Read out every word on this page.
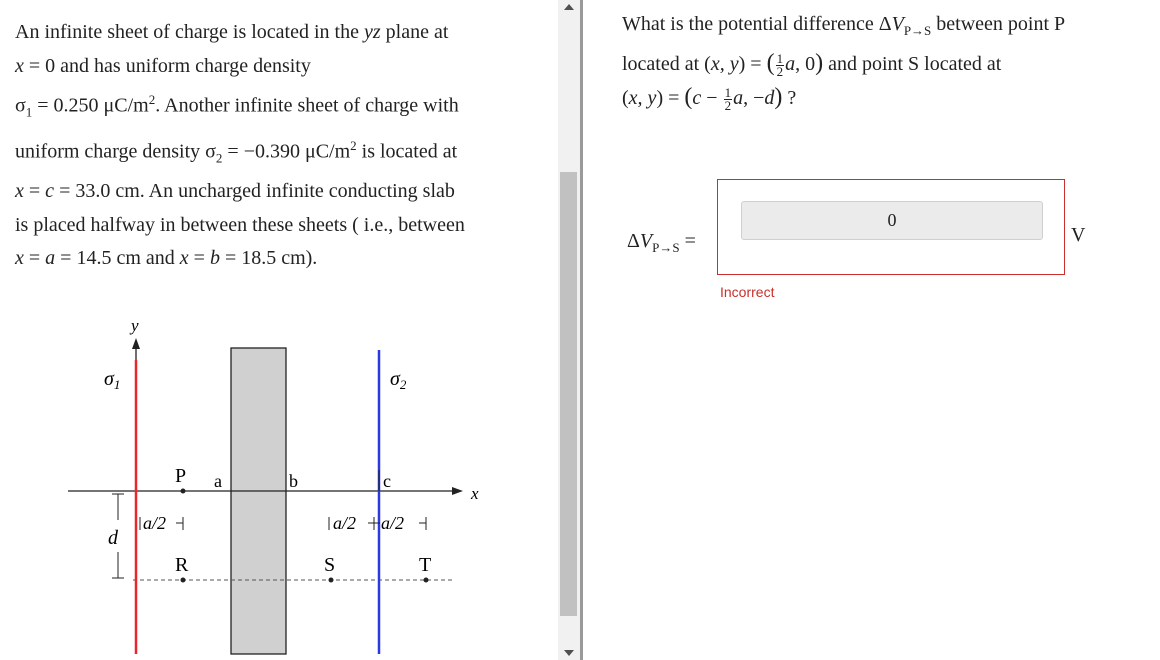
An infinite sheet of charge is located in the yz plane at

x = 0 and has uniform charge density

$\sigma_1 = 0.250$ $\mu C/m^2$. Another infinite sheet of charge with

uniform charge density $\sigma_2 = -0.390$ $\mu C/m^2$ is located at

x = c = 33.0 cm. An uncharged infinite conducting slab

is placed halfway in between these sheets ( i.e., between

x = a = 14.5 cm and x = b = 18.5 cm).

x
y
$\sigma_1$	$\sigma_2$
a	b	c
P
a/2	a/2 a/2
d
R	S	T

What is the potential difference $\Delta V_{P\to S}$ between point P

located at (x, y) = ( $\frac{1}{2} a$, 0) and point S located at

(x, $y) = (c - \frac{1}{2} a$, −d) ?

$\Delta V_{P\to S}$ =
0	V
Incorrect
